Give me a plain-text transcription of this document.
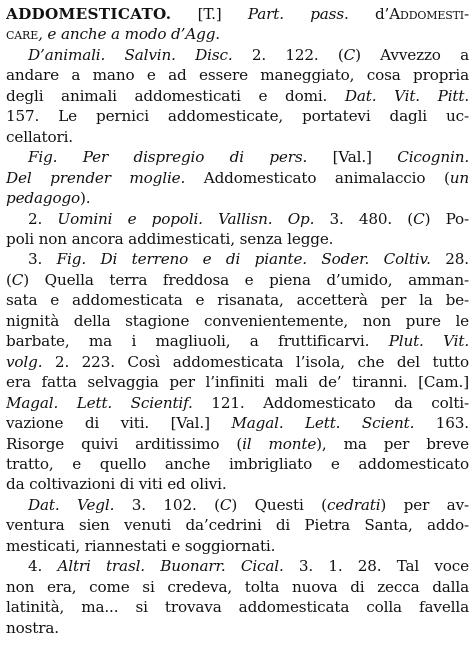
ADDOMESTICATO. [T.] Part. pass. d’Addomesti-
care, e anche a modo d’Agg.
D’animali. Salvin. Disc. 2. 122. (C) Avvezzo a
andare a mano e ad essere maneggiato, cosa propria
degli animali addomesticati e domi. Dat. Vit. Pitt.
157. Le pernici addomesticate, portatevi dagli uc-
cellatori.
Fig. Per dispregio di pers. [Val.] Cicognin.
Del prender moglie. Addomesticato animalaccio (un
pedagogo).
2. Uomini e popoli. Vallisn. Op. 3. 480. (C) Po-
poli non ancora addimesticati, senza legge.
3. Fig. Di terreno e di piante. Soder. Coltiv. 28.
(C) Quella terra freddosa e piena d’umido, amman-
sata e addomesticata e risanata, accetterà per la be-
nignità della stagione convenientemente, non pure le
barbate, ma i magliuoli, a fruttificarvi. Plut. Vit.
volg. 2. 223. Così addomesticata l’isola, che del tutto
era fatta selvaggia per l’infiniti mali de’ tiranni. [Cam.]
Magal. Lett. Scientif. 121. Addomesticato da colti-
vazione di viti. [Val.] Magal. Lett. Scient. 163.
Risorge quivi arditissimo (il monte), ma per breve
tratto, e quello anche imbrigliato e addomesticato
da coltivazioni di viti ed olivi.
Dat. Vegl. 3. 102. (C) Questi (cedrati) per av-
ventura sien venuti da’cedrini di Pietra Santa, addo-
mesticati, riannestati e soggiornati.
4. Altri trasl. Buonarr. Cical. 3. 1. 28. Tal voce
non era, come si credeva, tolta nuova di zecca dalla
latinità, ma... si trovava addomesticata colla favella
nostra.
